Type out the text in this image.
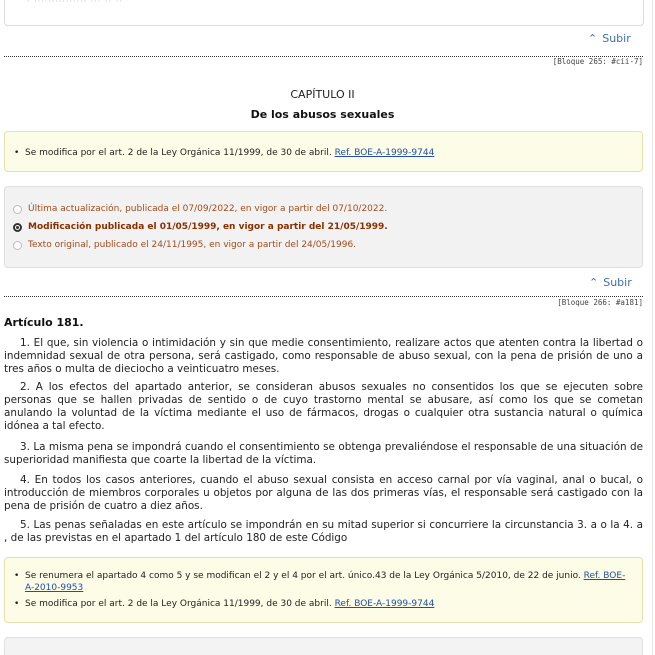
· ··············· ··· ·· ··
⌃ Subir
[Bloque 265: #cii-7]
CAPÍTULO II
De los abusos sexuales
• Se modifica por el art. 2 de la Ley Orgánica 11/1999, de 30 de abril. Ref. BOE-A-1999-9744
Última actualización, publicada el 07/09/2022, en vigor a partir del 07/10/2022.
Modificación publicada el 01/05/1999, en vigor a partir del 21/05/1999.
Texto original, publicado el 24/11/1995, en vigor a partir del 24/05/1996.
⌃ Subir
[Bloque 266: #a181]
Artículo 181.
1. El que, sin violencia o intimidación y sin que medie consentimiento, realizare actos que atenten contra la libertad o indemnidad sexual de otra persona, será castigado, como responsable de abuso sexual, con la pena de prisión de uno a tres años o multa de dieciocho a veinticuatro meses.
2. A los efectos del apartado anterior, se consideran abusos sexuales no consentidos los que se ejecuten sobre personas que se hallen privadas de sentido o de cuyo trastorno mental se abusare, así como los que se cometan anulando la voluntad de la víctima mediante el uso de fármacos, drogas o cualquier otra sustancia natural o química idónea a tal efecto.
3. La misma pena se impondrá cuando el consentimiento se obtenga prevaliéndose el responsable de una situación de superioridad manifiesta que coarte la libertad de la víctima.
4. En todos los casos anteriores, cuando el abuso sexual consista en acceso carnal por vía vaginal, anal o bucal, o introducción de miembros corporales u objetos por alguna de las dos primeras vías, el responsable será castigado con la pena de prisión de cuatro a diez años.
5. Las penas señaladas en este artículo se impondrán en su mitad superior si concurriere la circunstancia 3. a o la 4. a , de las previstas en el apartado 1 del artículo 180 de este Código
• Se renumera el apartado 4 como 5 y se modifican el 2 y el 4 por el art. único.43 de la Ley Orgánica 5/2010, de 22 de junio. Ref. BOE-A-2010-9953
• Se modifica por el art. 2 de la Ley Orgánica 11/1999, de 30 de abril. Ref. BOE-A-1999-9744
